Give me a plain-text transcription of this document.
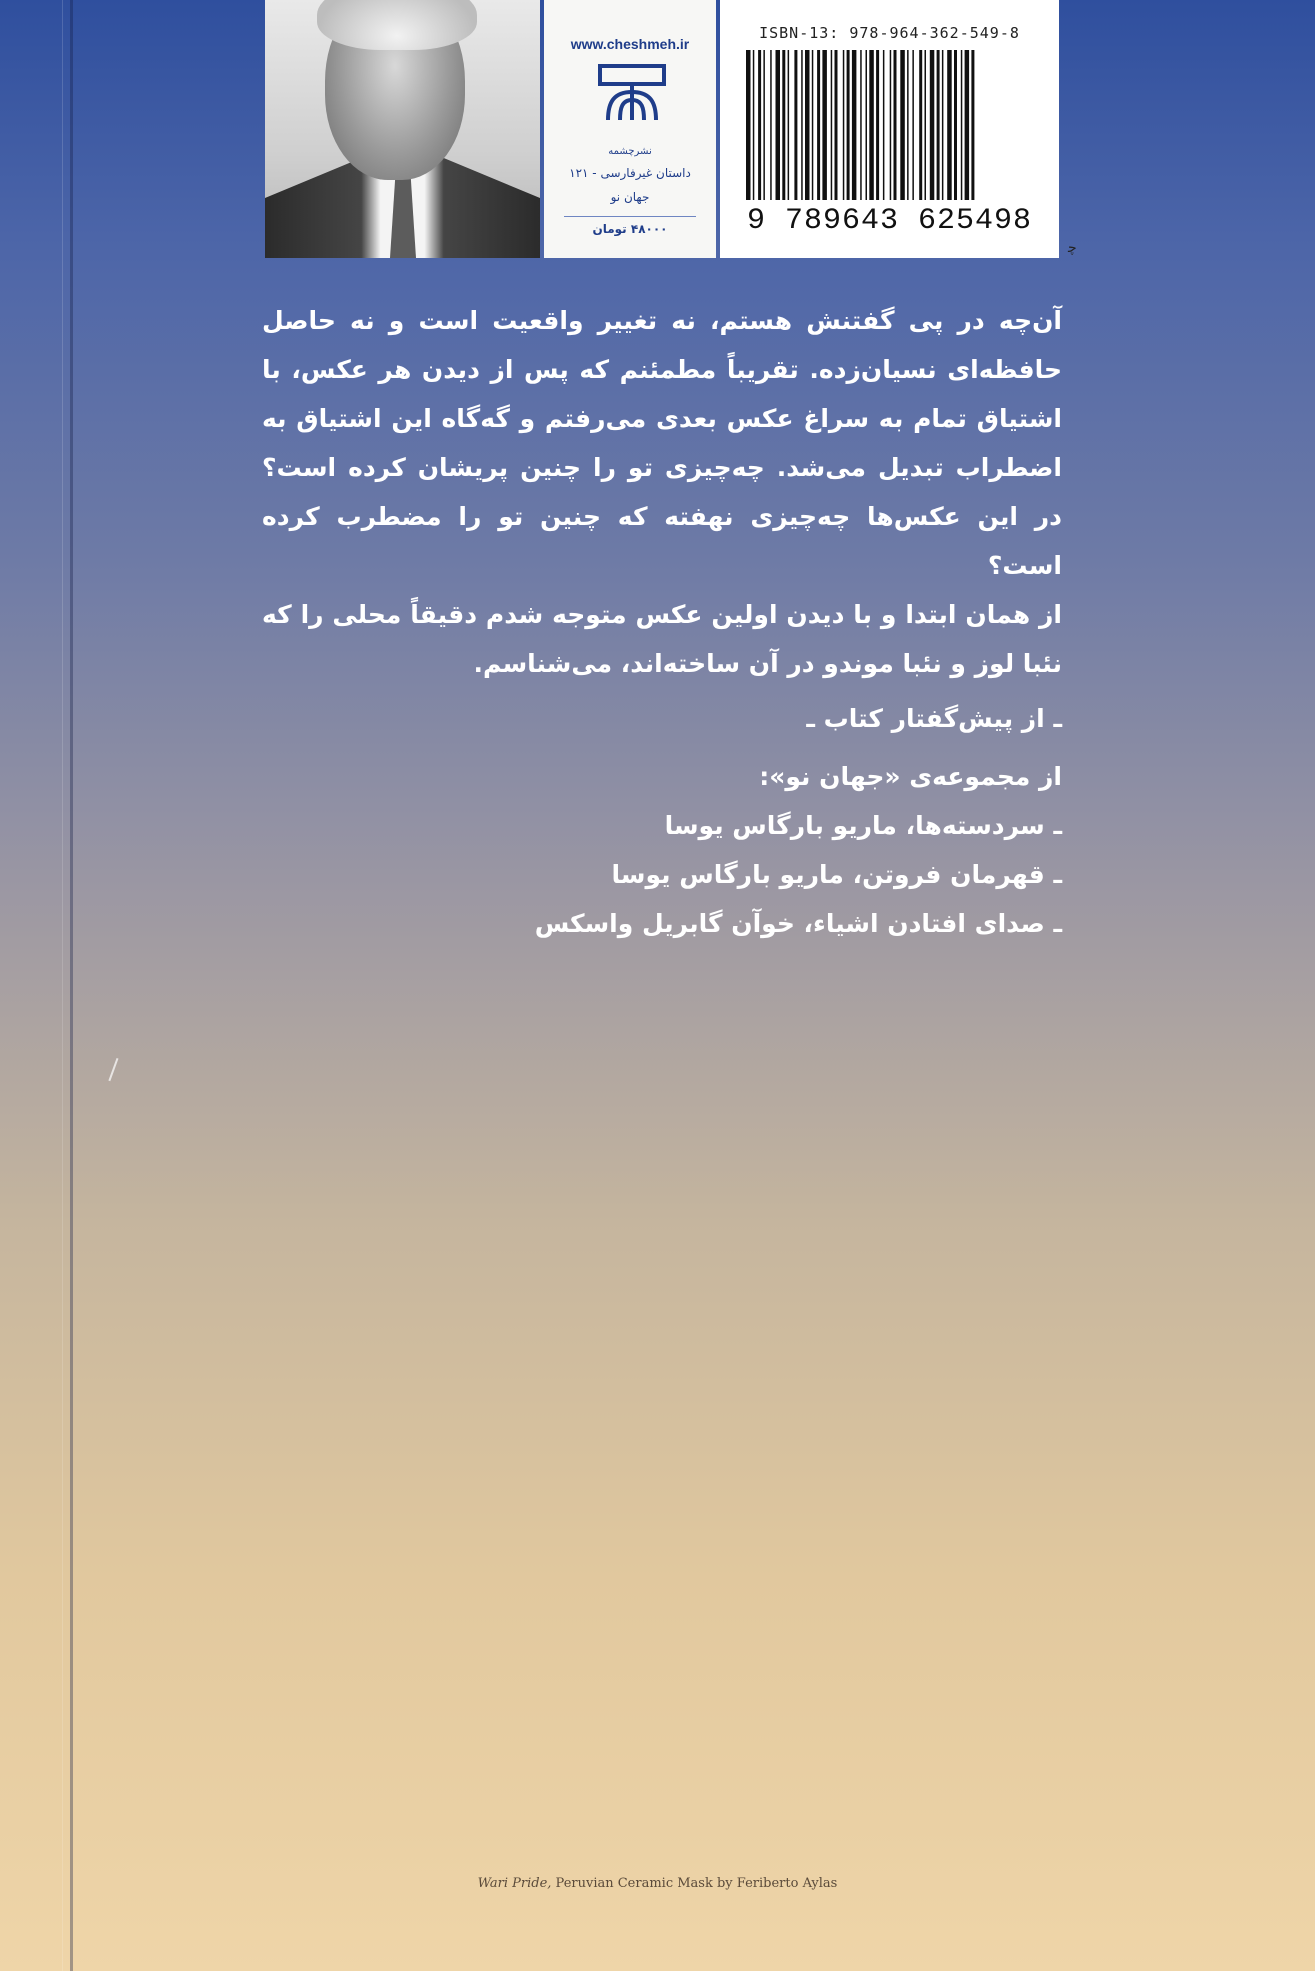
www.cheshmeh.ir
نشرچشمه
داستان غیرفارسی - ۱۲۱
جهان نو
۴۸۰۰۰ تومان
ISBN-13: 978-964-362-549-8
9 789643 625498
ﭼ

آن‌چه در پی گفتنش هستم، نه تغییر واقعیت است و نه حاصل حافظه‌ای نسیان‌زده. تقریباً مطمئنم که پس از دیدن هر عکس، با اشتیاق تمام به سراغ عکس بعدی می‌رفتم و گه‌گاه این اشتیاق به اضطراب تبدیل می‌شد. چه‌چیزی تو را چنین پریشان کرده است؟ در این عکس‌ها چه‌چیزی نهفته که چنین تو را مضطرب کرده است؟

از همان ابتدا و با دیدن اولین عکس متوجه شدم دقیقاً محلی را که نئبا لوز و نئبا موندو در آن ساخته‌اند، می‌شناسم.

ـ از پیش‌گفتار کتاب ـ

از مجموعه‌ی «جهان نو»:

ـ سردسته‌ها، ماریو بارگاس یوسا
ـ قهرمان فروتن، ماریو بارگاس یوسا
ـ صدای افتادن اشیاء، خوآن گابریل واسکس
Wari Pride, Peruvian Ceramic Mask by Feriberto Aylas
